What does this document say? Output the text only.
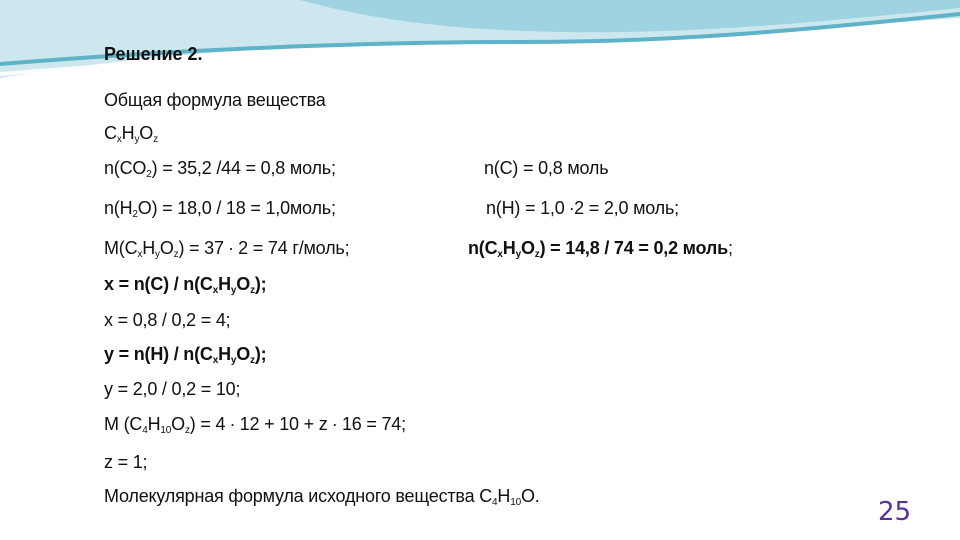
Решение 2.
Общая формула вещества
$C_xH_yO_z$
$n(CO_2) = 35,2$ /44 = 0,8 моль;	n(C) = 0,8 моль
$n(H_2O) = 18,0 / 18$ = 1,0моль;	n(H) = 1,0 ∙2 = 2,0 моль;
$M(C_xH_yO_z) = 37 \cdot 2 = 74$ г/моль;	$n(C_xH_yO_z) = 14,8 / 74 = 0,2$ моль;
$x = n(C) / n(C_xH_yO_z)$;
x = 0,8 / 0,2 = 4;
$y = n(H) / n(C_xH_yO_z)$;
y = 2,0 / 0,2 = 10;
M $(C_4H_{10}O_z) = 4 \cdot 12 + 10 + z \cdot 16 = 74$;
z = 1;
Молекулярная формула исходного вещества $C_4H_{10}O$.
25
